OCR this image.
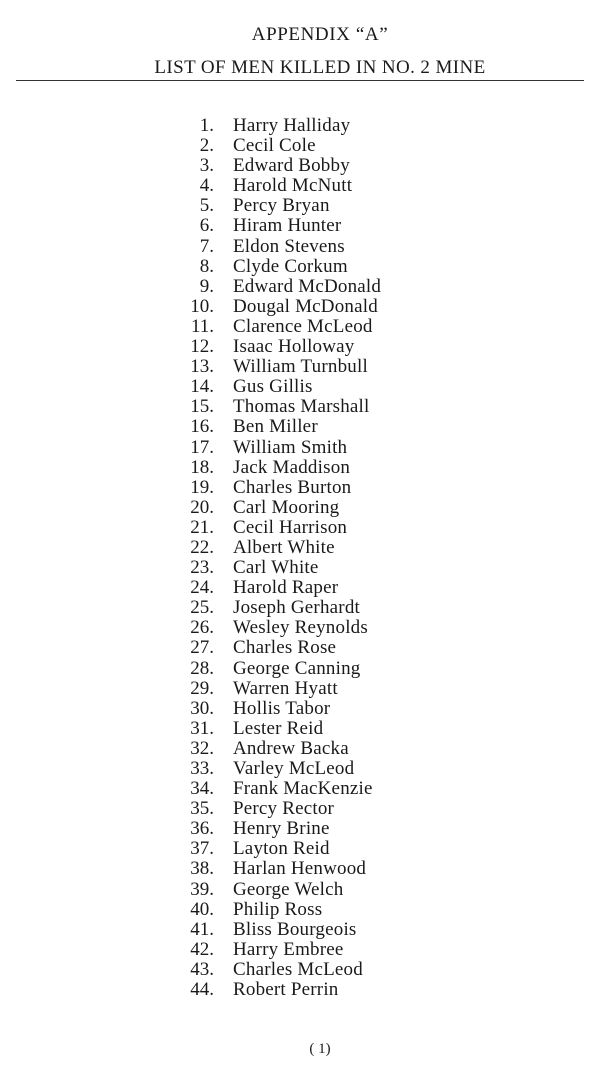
APPENDIX “A”
LIST OF MEN KILLED IN NO. 2 MINE
1. Harry Halliday
2. Cecil Cole
3. Edward Bobby
4. Harold McNutt
5. Percy Bryan
6. Hiram Hunter
7. Eldon Stevens
8. Clyde Corkum
9. Edward McDonald
10. Dougal McDonald
11. Clarence McLeod
12. Isaac Holloway
13. William Turnbull
14. Gus Gillis
15. Thomas Marshall
16. Ben Miller
17. William Smith
18. Jack Maddison
19. Charles Burton
20. Carl Mooring
21. Cecil Harrison
22. Albert White
23. Carl White
24. Harold Raper
25. Joseph Gerhardt
26. Wesley Reynolds
27. Charles Rose
28. George Canning
29. Warren Hyatt
30. Hollis Tabor
31. Lester Reid
32. Andrew Backa
33. Varley McLeod
34. Frank MacKenzie
35. Percy Rector
36. Henry Brine
37. Layton Reid
38. Harlan Henwood
39. George Welch
40. Philip Ross
41. Bliss Bourgeois
42. Harry Embree
43. Charles McLeod
44. Robert Perrin
( 1)
